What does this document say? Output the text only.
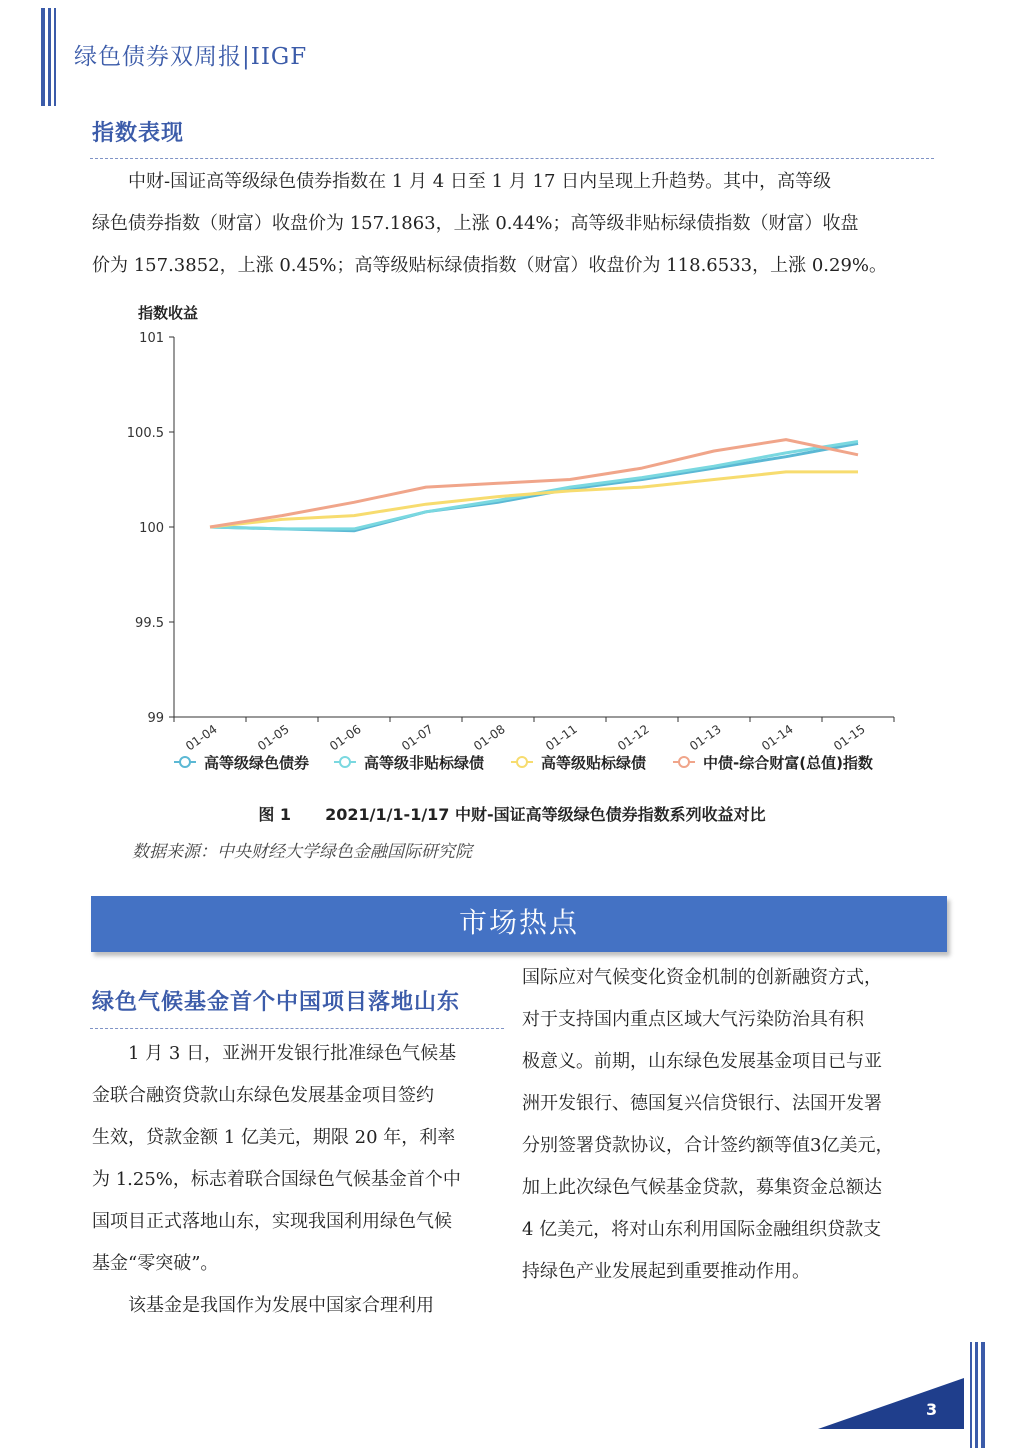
绿色债券双周报|IIGF
指数表现
中财-国证高等级绿色债券指数在 1 月 4 日至 1 月 17 日内呈现上升趋势。其中，高等级
绿色债券指数（财富）收盘价为 157.1863，上涨 0.44%；高等级非贴标绿债指数（财富）收盘
价为 157.3852，上涨 0.45%；高等级贴标绿债指数（财富）收盘价为 118.6533，上涨 0.29%。
指数收益
01-04	01-05	01-06	01-07	01-08	01-11	01-12	01-13	01-14	01-15
101
100.5
100
99.5
99
高等级绿色债券	高等级非贴标绿债	高等级贴标绿债	中债-综合财富(总值)指数
图 1 2021/1/1-1/17 中财-国证高等级绿色债券指数系列收益对比
数据来源：中央财经大学绿色金融国际研究院
市场热点
绿色气候基金首个中国项目落地山东
1 月 3 日，亚洲开发银行批准绿色气候基
金联合融资贷款山东绿色发展基金项目签约
生效，贷款金额 1 亿美元，期限 20 年，利率
为 1.25%，标志着联合国绿色气候基金首个中
国项目正式落地山东，实现我国利用绿色气候
基金“零突破”。
该基金是我国作为发展中国家合理利用
国际应对气候变化资金机制的创新融资方式，
对于支持国内重点区域大气污染防治具有积
极意义。前期，山东绿色发展基金项目已与亚
洲开发银行、德国复兴信贷银行、法国开发署
分别签署贷款协议，合计签约额等值3亿美元，
加上此次绿色气候基金贷款，募集资金总额达
4 亿美元，将对山东利用国际金融组织贷款支
持绿色产业发展起到重要推动作用。
3
